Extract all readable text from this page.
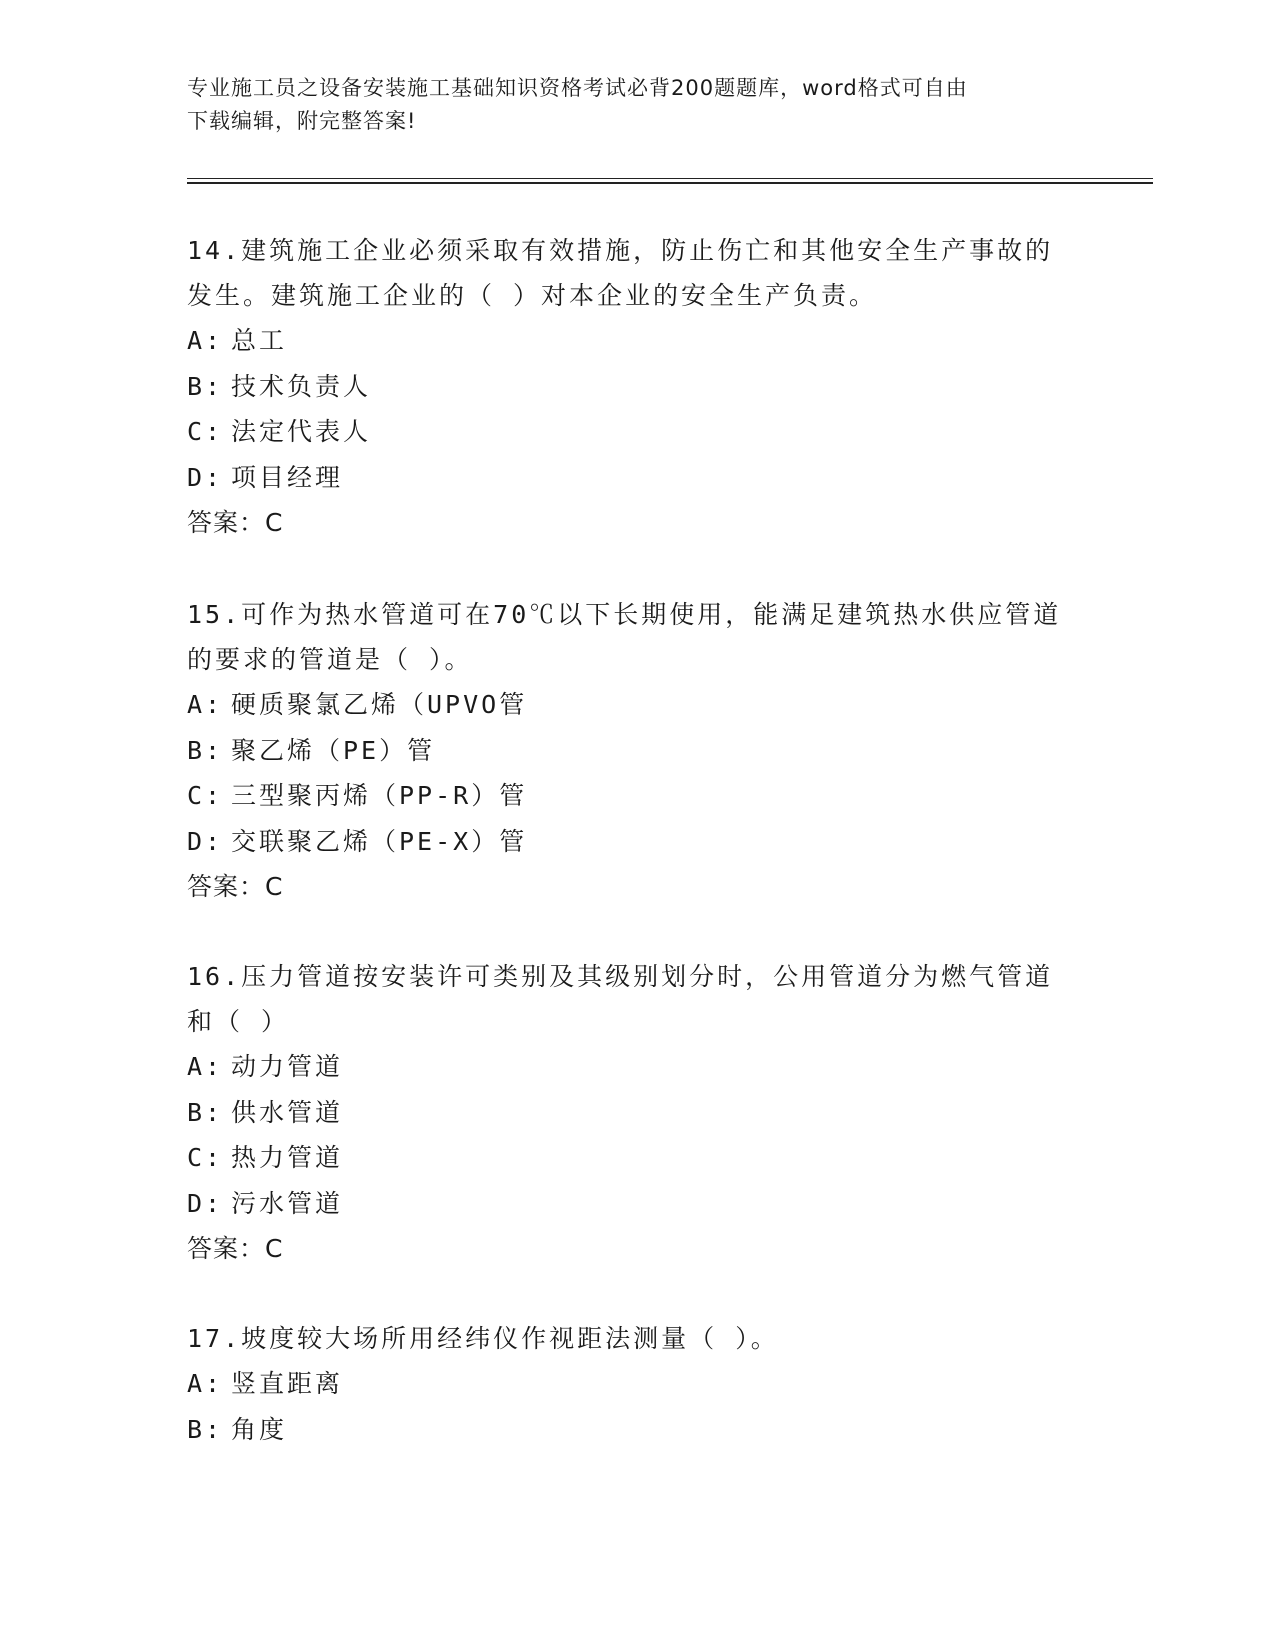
专业施工员之设备安装施工基础知识资格考试必背200题题库，word格式可自由
下载编辑，附完整答案!

14.建筑施工企业必须采取有效措施，防止伤亡和其他安全生产事故的

发生。建筑施工企业的（ ）对本企业的安全生产负责。

A: 总工

B: 技术负责人

C: 法定代表人

D: 项目经理

答案：C

15.可作为热水管道可在70℃以下长期使用，能满足建筑热水供应管道

的要求的管道是（ ）。

A: 硬质聚氯乙烯（UPVO管

B: 聚乙烯（PE）管

C: 三型聚丙烯（PP-R）管

D: 交联聚乙烯（PE-X）管

答案：C

16.压力管道按安装许可类别及其级别划分时，公用管道分为燃气管道

和（ ）

A: 动力管道

B: 供水管道

C: 热力管道

D: 污水管道

答案：C

17.坡度较大场所用经纬仪作视距法测量（ ）。

A: 竖直距离

B: 角度
